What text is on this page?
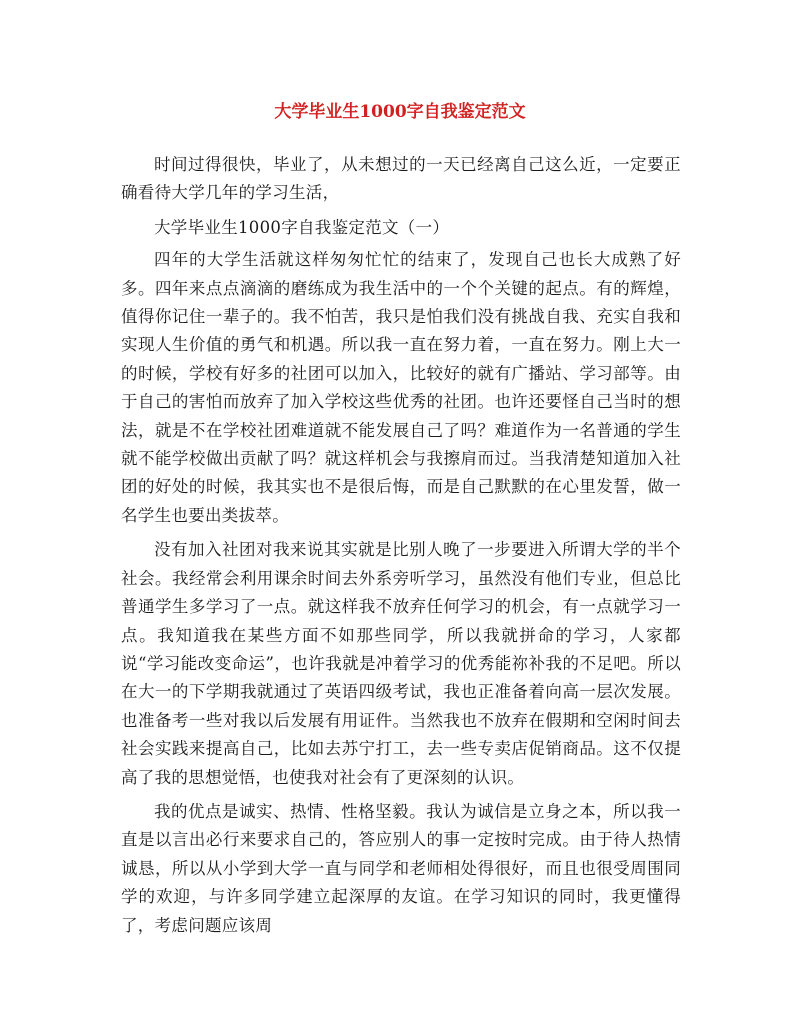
大学毕业生1000字自我鉴定范文

时间过得很快，毕业了，从未想过的一天已经离自己这么近，一定要正确看待大学几年的学习生活，

大学毕业生1000字自我鉴定范文（一）

四年的大学生活就这样匆匆忙忙的结束了，发现自己也长大成熟了好多。四年来点点滴滴的磨练成为我生活中的一个个关键的起点。有的辉煌，值得你记住一辈子的。我不怕苦，我只是怕我们没有挑战自我、充实自我和实现人生价值的勇气和机遇。所以我一直在努力着，一直在努力。刚上大一的时候，学校有好多的社团可以加入，比较好的就有广播站、学习部等。由于自己的害怕而放弃了加入学校这些优秀的社团。也许还要怪自己当时的想法，就是不在学校社团难道就不能发展自己了吗？难道作为一名普通的学生就不能学校做出贡献了吗？就这样机会与我擦肩而过。当我清楚知道加入社团的好处的时候，我其实也不是很后悔，而是自己默默的在心里发誓，做一名学生也要出类拔萃。

没有加入社团对我来说其实就是比别人晚了一步要进入所谓大学的半个社会。我经常会利用课余时间去外系旁听学习，虽然没有他们专业，但总比普通学生多学习了一点。就这样我不放弃任何学习的机会，有一点就学习一点。我知道我在某些方面不如那些同学，所以我就拼命的学习，人家都说“学习能改变命运”，也许我就是冲着学习的优秀能祢补我的不足吧。所以在大一的下学期我就通过了英语四级考试，我也正准备着向高一层次发展。也准备考一些对我以后发展有用证件。当然我也不放弃在假期和空闲时间去社会实践来提高自己，比如去苏宁打工，去一些专卖店促销商品。这不仅提高了我的思想觉悟，也使我对社会有了更深刻的认识。

我的优点是诚实、热情、性格坚毅。我认为诚信是立身之本，所以我一直是以言出必行来要求自己的，答应别人的事一定按时完成。由于待人热情诚恳，所以从小学到大学一直与同学和老师相处得很好，而且也很受周围同学的欢迎，与许多同学建立起深厚的友谊。在学习知识的同时，我更懂得了，考虑问题应该周
